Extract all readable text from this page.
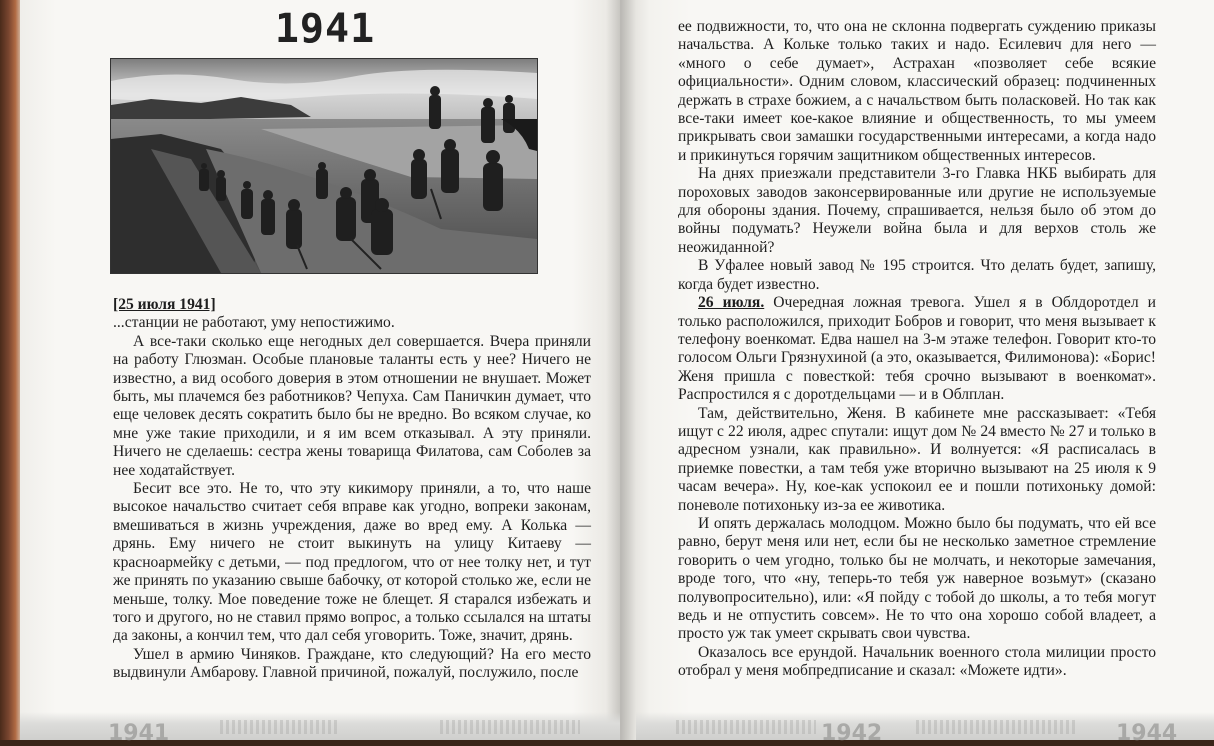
1941

[25 июля 1941]

...станции не работают, уму непостижимо.

А все-таки сколько еще негодных дел совершается. Вчера приняли на работу Глюзман. Особые плановые таланты есть у нее? Ничего не известно, а вид особого доверия в этом отношении не внушает. Может быть, мы плачемся без работников? Чепуха. Сам Паничкин думает, что еще человек десять сократить было бы не вредно. Во всяком случае, ко мне уже такие приходили, и я им всем отказывал. А эту приняли. Ничего не сделаешь: сестра жены товарища Филатова, сам Соболев за нее ходатайствует.

Бесит все это. Не то, что эту кикимору приняли, а то, что наше высокое начальство считает себя вправе как угодно, вопреки законам, вмешиваться в жизнь учреждения, даже во вред ему. А Колька — дрянь. Ему ничего не стоит выкинуть на улицу Китаеву — красноармейку с детьми, — под предлогом, что от нее толку нет, и тут же принять по указанию свыше бабочку, от которой столько же, если не меньше, толку. Мое поведение тоже не блещет. Я старался избежать и того и другого, но не ставил прямо вопрос, а только ссылался на штаты да законы, а кончил тем, что дал себя уговорить. Тоже, значит, дрянь.

Ушел в армию Чиняков. Граждане, кто следующий? На его место выдвинули Амбарову. Главной причиной, пожалуй, послужило, после

ее подвижности, то, что она не склонна подвергать суждению приказы начальства. А Кольке только таких и надо. Есилевич для него — «много о себе думает», Астрахан «позволяет себе всякие официальности». Одним словом, классический образец: подчиненных держать в страхе божием, а с начальством быть поласковей. Но так как все-таки имеет кое-какое влияние и общественность, то мы умеем прикрывать свои замашки государственными интересами, а когда надо и прикинуться горячим защитником общественных интересов.

На днях приезжали представители 3-го Главка НКБ выбирать для пороховых заводов законсервированные или другие не используемые для обороны здания. Почему, спрашивается, нельзя было об этом до войны подумать? Неужели война была и для верхов столь же неожиданной?

В Уфалее новый завод № 195 строится. Что делать будет, запишу, когда будет известно.

26 июля. Очередная ложная тревога. Ушел я в Облдоротдел и только расположился, приходит Бобров и говорит, что меня вызывает к телефону военкомат. Едва нашел на 3-м этаже телефон. Говорит кто-то голосом Ольги Грязнухиной (а это, оказывается, Филимонова): «Борис! Женя пришла с повесткой: тебя срочно вызывают в военкомат». Распростился я с доротдельцами — и в Облплан.

Там, действительно, Женя. В кабинете мне рассказывает: «Тебя ищут с 22 июля, адрес спутали: ищут дом № 24 вместо № 27 и только в адресном узнали, как правильно». И волнуется: «Я расписалась в приемке повестки, а там тебя уже вторично вызывают на 25 июля к 9 часам вечера». Ну, кое-как успокоил ее и пошли потихоньку домой: поневоле потихоньку из-за ее животика.

И опять держалась молодцом. Можно было бы подумать, что ей все равно, берут меня или нет, если бы не несколько заметное стремление говорить о чем угодно, только бы не молчать, и некоторые замечания, вроде того, что «ну, теперь-то тебя уж наверное возьмут» (сказано полувопросительно), или: «Я пойду с тобой до школы, а то тебя могут ведь и не отпустить совсем». Не то что она хорошо собой владеет, а просто уж так умеет скрывать свои чувства.

Оказалось все ерундой. Начальник военного стола милиции просто отобрал у меня мобпредписание и сказал: «Можете идти».

1941	1942	1944
